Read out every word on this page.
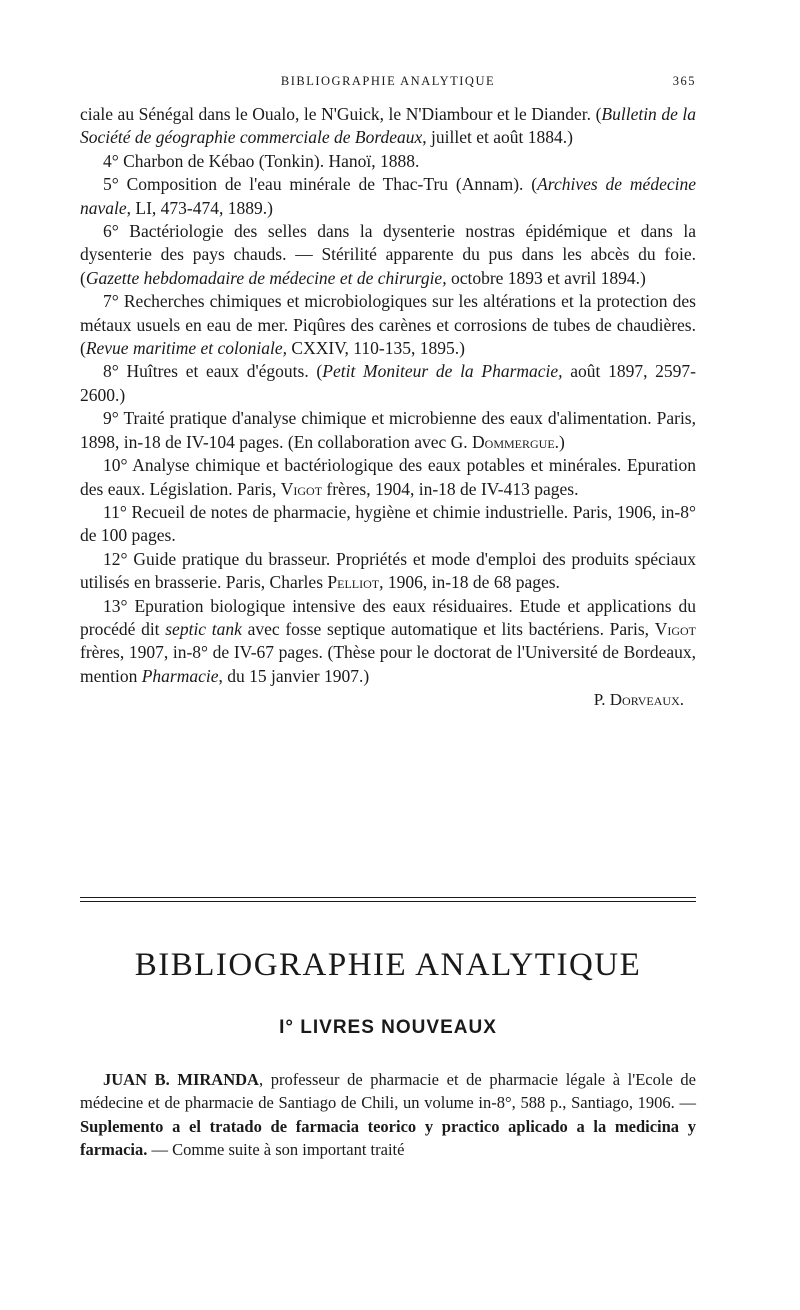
BIBLIOGRAPHIE ANALYTIQUE	365

ciale au Sénégal dans le Oualo, le N'Guick, le N'Diambour et le Diander. (Bulletin de la Société de géographie commerciale de Bordeaux, juillet et août 1884.)

4° Charbon de Kébao (Tonkin). Hanoï, 1888.

5° Composition de l'eau minérale de Thac-Tru (Annam). (Archives de médecine navale, LI, 473-474, 1889.)

6° Bactériologie des selles dans la dysenterie nostras épidémique et dans la dysenterie des pays chauds. — Stérilité apparente du pus dans les abcès du foie. (Gazette hebdomadaire de médecine et de chirurgie, octobre 1893 et avril 1894.)

7° Recherches chimiques et microbiologiques sur les altérations et la protection des métaux usuels en eau de mer. Piqûres des carènes et corrosions de tubes de chaudières. (Revue maritime et coloniale, CXXIV, 110-135, 1895.)

8° Huîtres et eaux d'égouts. (Petit Moniteur de la Pharmacie, août 1897, 2597-2600.)

9° Traité pratique d'analyse chimique et microbienne des eaux d'alimentation. Paris, 1898, in-18 de IV-104 pages. (En collaboration avec G. Dommergue.)

10° Analyse chimique et bactériologique des eaux potables et minérales. Epuration des eaux. Législation. Paris, Vigot frères, 1904, in-18 de IV-413 pages.

11° Recueil de notes de pharmacie, hygiène et chimie industrielle. Paris, 1906, in-8° de 100 pages.

12° Guide pratique du brasseur. Propriétés et mode d'emploi des produits spéciaux utilisés en brasserie. Paris, Charles Pelliot, 1906, in-18 de 68 pages.

13° Epuration biologique intensive des eaux résiduaires. Etude et applications du procédé dit septic tank avec fosse septique automatique et lits bactériens. Paris, Vigot frères, 1907, in-8° de IV-67 pages. (Thèse pour le doctorat de l'Université de Bordeaux, mention Pharmacie, du 15 janvier 1907.)

P. Dorveaux.

BIBLIOGRAPHIE ANALYTIQUE
I° LIVRES NOUVEAUX

JUAN B. MIRANDA, professeur de pharmacie et de pharmacie légale à l'Ecole de médecine et de pharmacie de Santiago de Chili, un volume in-8°, 588 p., Santiago, 1906. — Suplemento a el tratado de farmacia teorico y practico aplicado a la medicina y farmacia. — Comme suite à son important traité
